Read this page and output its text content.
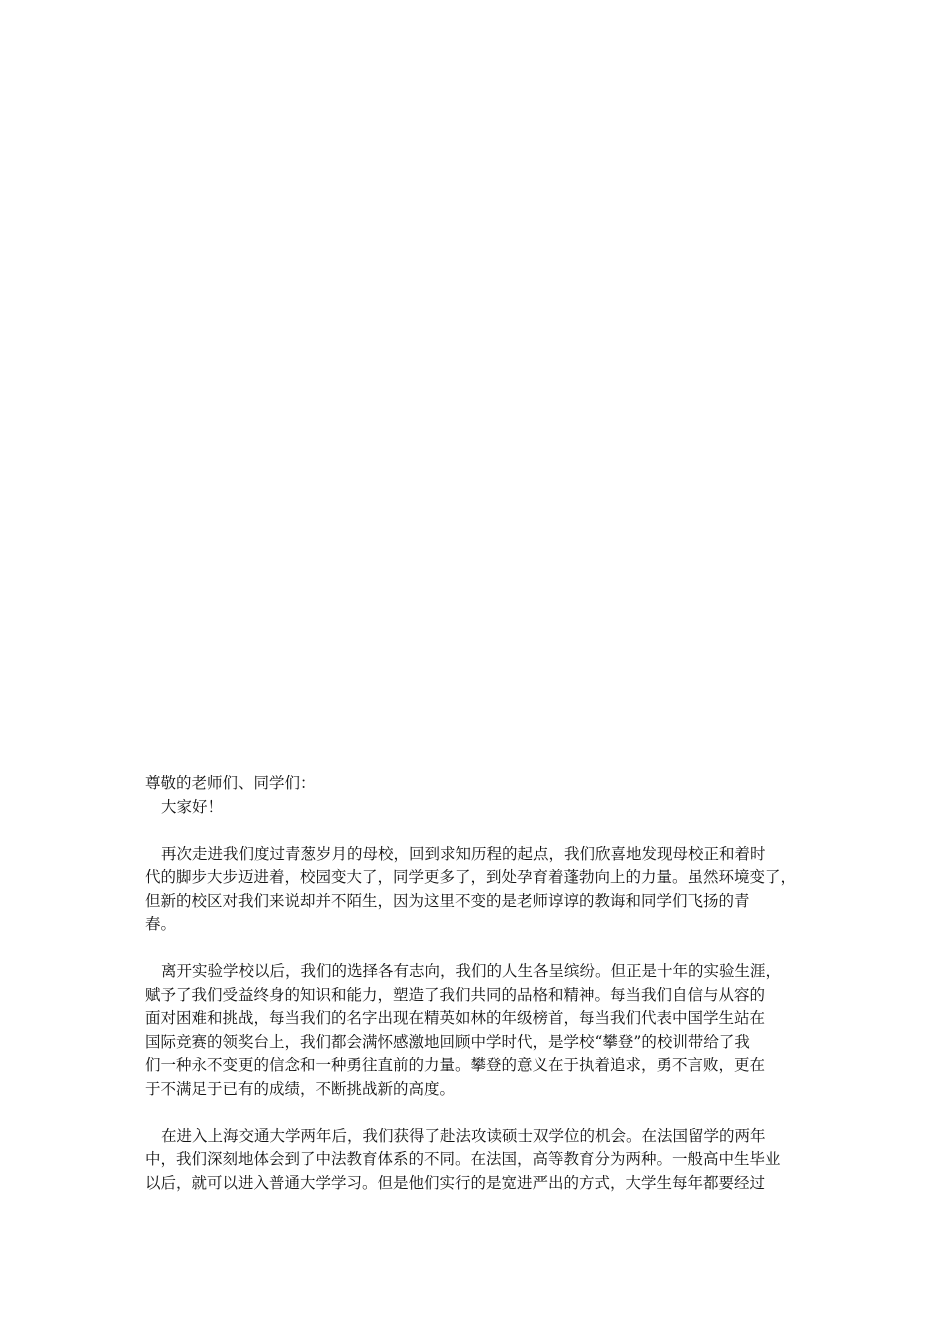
尊敬的老师们、同学们：
大家好！
再次走进我们度过青葱岁月的母校，回到求知历程的起点，我们欣喜地发现母校正和着时
代的脚步大步迈进着，校园变大了，同学更多了，到处孕育着蓬勃向上的力量。虽然环境变了，
但新的校区对我们来说却并不陌生，因为这里不变的是老师谆谆的教诲和同学们飞扬的青
春。
离开实验学校以后，我们的选择各有志向，我们的人生各呈缤纷。但正是十年的实验生涯，
赋予了我们受益终身的知识和能力，塑造了我们共同的品格和精神。每当我们自信与从容的
面对困难和挑战，每当我们的名字出现在精英如林的年级榜首，每当我们代表中国学生站在
国际竞赛的领奖台上，我们都会满怀感激地回顾中学时代，是学校“攀登”的校训带给了我
们一种永不变更的信念和一种勇往直前的力量。攀登的意义在于执着追求，勇不言败，更在
于不满足于已有的成绩，不断挑战新的高度。
在进入上海交通大学两年后，我们获得了赴法攻读硕士双学位的机会。在法国留学的两年
中，我们深刻地体会到了中法教育体系的不同。在法国，高等教育分为两种。一般高中生毕业
以后，就可以进入普通大学学习。但是他们实行的是宽进严出的方式，大学生每年都要经过
